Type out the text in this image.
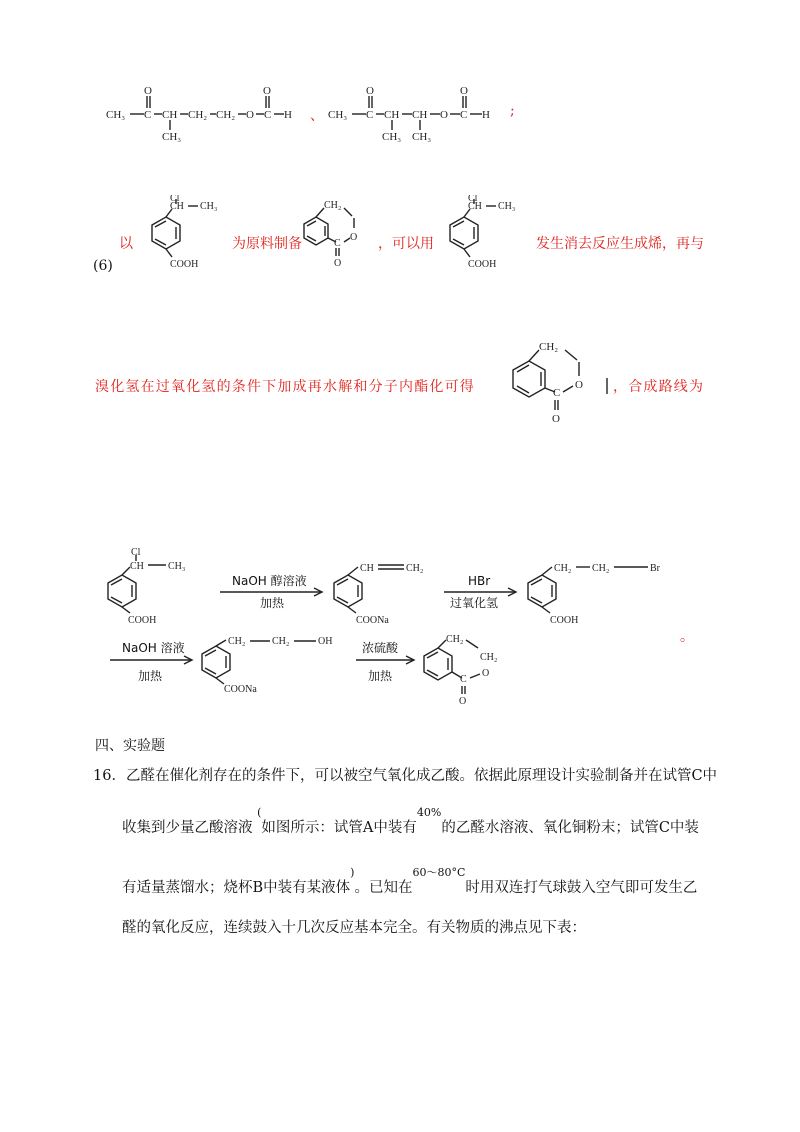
CH₃
O
C CH
CH₃
CH₂ CH₂ O
O
C H 、 CH₃
O
C CH
CH₃
CH
CH₃
O
O
C H ;
(6)
以
CH
Cl
CH₃
COOH
为原料制备
CH₂
O
C
O
，可以用
CH
Cl
CH₃
COOH
发生消去反应生成烯，再与
溴化氢在过氧化氢的条件下加成再水解和分子内酯化可得
CH₂
O
C
O
，合成路线为
CH
Cl
CH₃
COOH
NaOH 醇溶液
加热
CH	CH₂
COONa
HBr
过氧化氢
CH₂ CH₂	Br
COOH
。
NaOH 溶液
加热
CH₂	CH₂	OH
COONa
浓硫酸
加热
CH₂
CH₂
C
O
O
四、实验题
16．乙醛在催化剂存在的条件下，可以被空气氧化成乙酸。依据此原理设计实验制备并在试管C中
收集到少量乙酸溶液 (如图所示：试管A中装有$^{40\%}$的乙醛水溶液、氧化铜粉末；试管C中装
有适量蒸馏水；烧杯B中装有某液体)。已知在$^{60\sim 80^\circ C}$时用双连打气球鼓入空气即可发生乙
醛的氧化反应，连续鼓入十几次反应基本完全。有关物质的沸点见下表：
